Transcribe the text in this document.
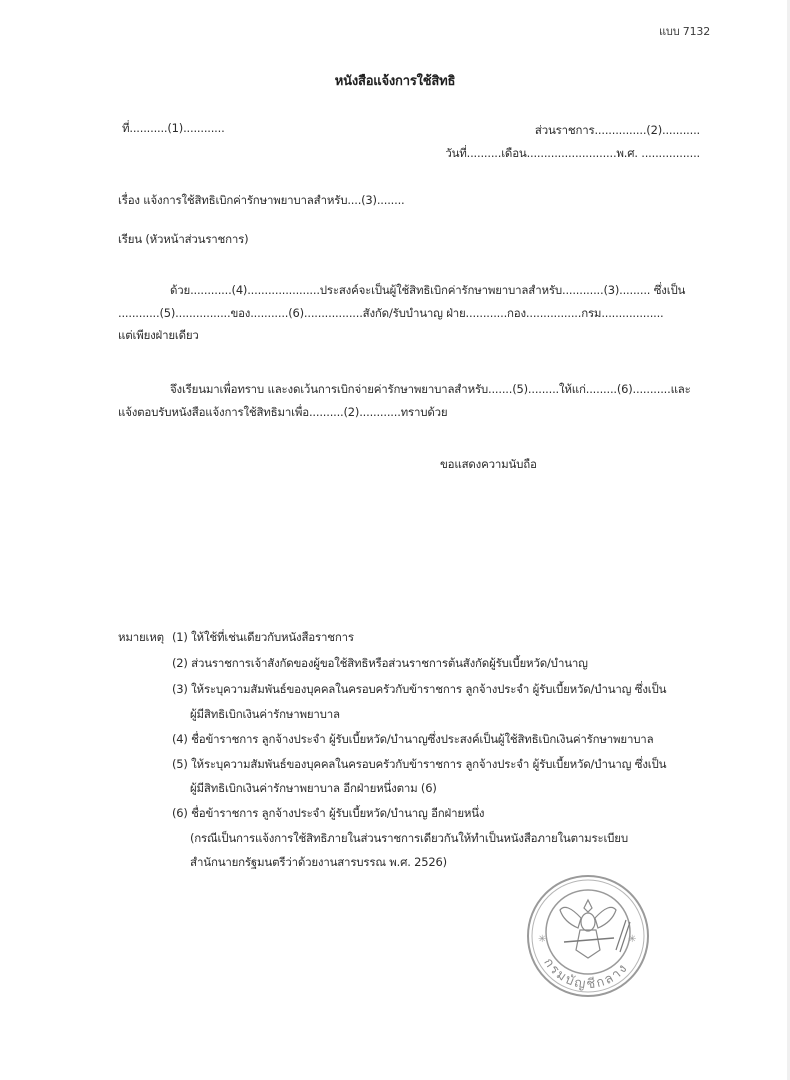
แบบ 7132
หนังสือแจ้งการใช้สิทธิ
ที่...........(1)............	ส่วนราชการ...............(2)...........
วันที่..........เดือน..........................พ.ศ. .................
เรื่อง แจ้งการใช้สิทธิเบิกค่ารักษาพยาบาลสำหรับ....(3)........
เรียน (หัวหน้าส่วนราชการ)
ด้วย............(4).....................ประสงค์จะเป็นผู้ใช้สิทธิเบิกค่ารักษาพยาบาลสำหรับ............(3)......... ซึ่งเป็น
............(5)................ของ...........(6).................สังกัด/รับบำนาญ ฝ่าย............กอง................กรม..................
แต่เพียงฝ่ายเดียว
จึงเรียนมาเพื่อทราบ และงดเว้นการเบิกจ่ายค่ารักษาพยาบาลสำหรับ.......(5).........ให้แก่.........(6)...........และ
แจ้งตอบรับหนังสือแจ้งการใช้สิทธิมาเพื่อ..........(2)............ทราบด้วย
ขอแสดงความนับถือ
หมายเหตุ (1) ให้ใช้ที่เช่นเดียวกับหนังสือราชการ
(2) ส่วนราชการเจ้าสังกัดของผู้ขอใช้สิทธิหรือส่วนราชการต้นสังกัดผู้รับเบี้ยหวัด/บำนาญ
(3) ให้ระบุความสัมพันธ์ของบุคคลในครอบครัวกับข้าราชการ ลูกจ้างประจำ ผู้รับเบี้ยหวัด/บำนาญ ซึ่งเป็น
ผู้มีสิทธิเบิกเงินค่ารักษาพยาบาล
(4) ชื่อข้าราชการ ลูกจ้างประจำ ผู้รับเบี้ยหวัด/บำนาญซึ่งประสงค์เป็นผู้ใช้สิทธิเบิกเงินค่ารักษาพยาบาล
(5) ให้ระบุความสัมพันธ์ของบุคคลในครอบครัวกับข้าราชการ ลูกจ้างประจำ ผู้รับเบี้ยหวัด/บำนาญ ซึ่งเป็น
ผู้มีสิทธิเบิกเงินค่ารักษาพยาบาล อีกฝ่ายหนึ่งตาม (6)
(6) ชื่อข้าราชการ ลูกจ้างประจำ ผู้รับเบี้ยหวัด/บำนาญ อีกฝ่ายหนึ่ง
(กรณีเป็นการแจ้งการใช้สิทธิภายในส่วนราชการเดียวกันให้ทำเป็นหนังสือภายในตามระเบียบ
สำนักนายกรัฐมนตรีว่าด้วยงานสารบรรณ พ.ศ. 2526)
✳	✳
กรมบัญชีกลาง
